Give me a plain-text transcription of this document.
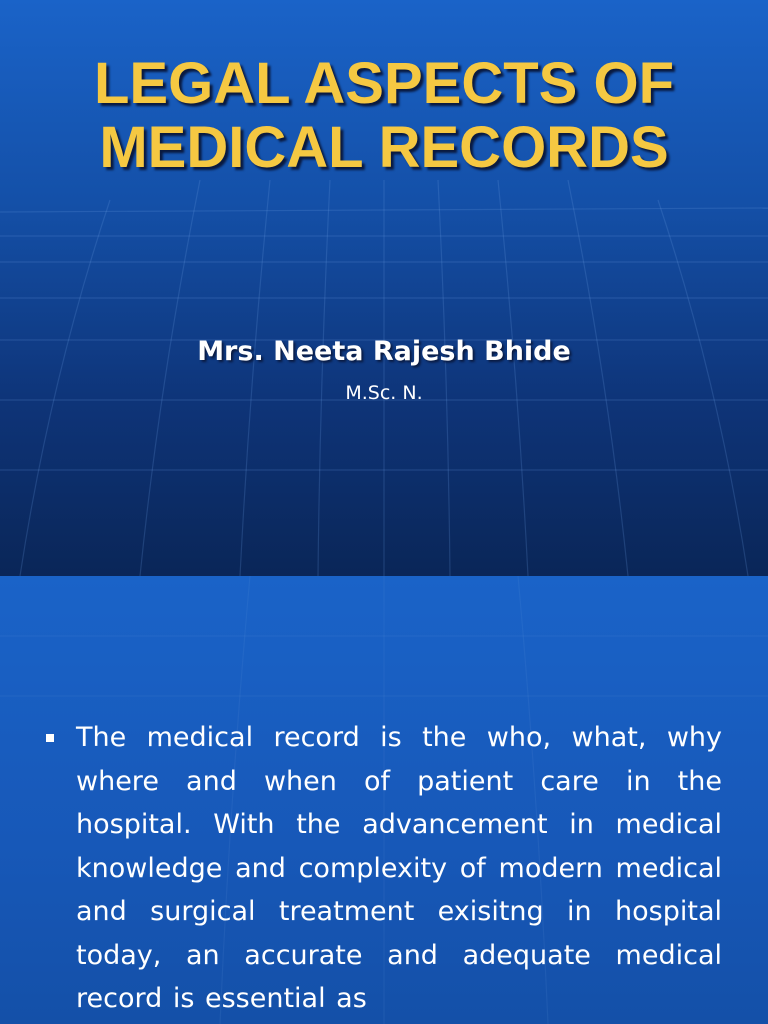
LEGAL ASPECTS OF
MEDICAL RECORDS
Mrs. Neeta Rajesh Bhide
M.Sc. N.
The medical record is the who, what, why where and when of patient care in the hospital. With the advancement in medical knowledge and complexity of modern medical and surgical treatment exisitng in hospital today, an accurate and adequate medical record is essential as
